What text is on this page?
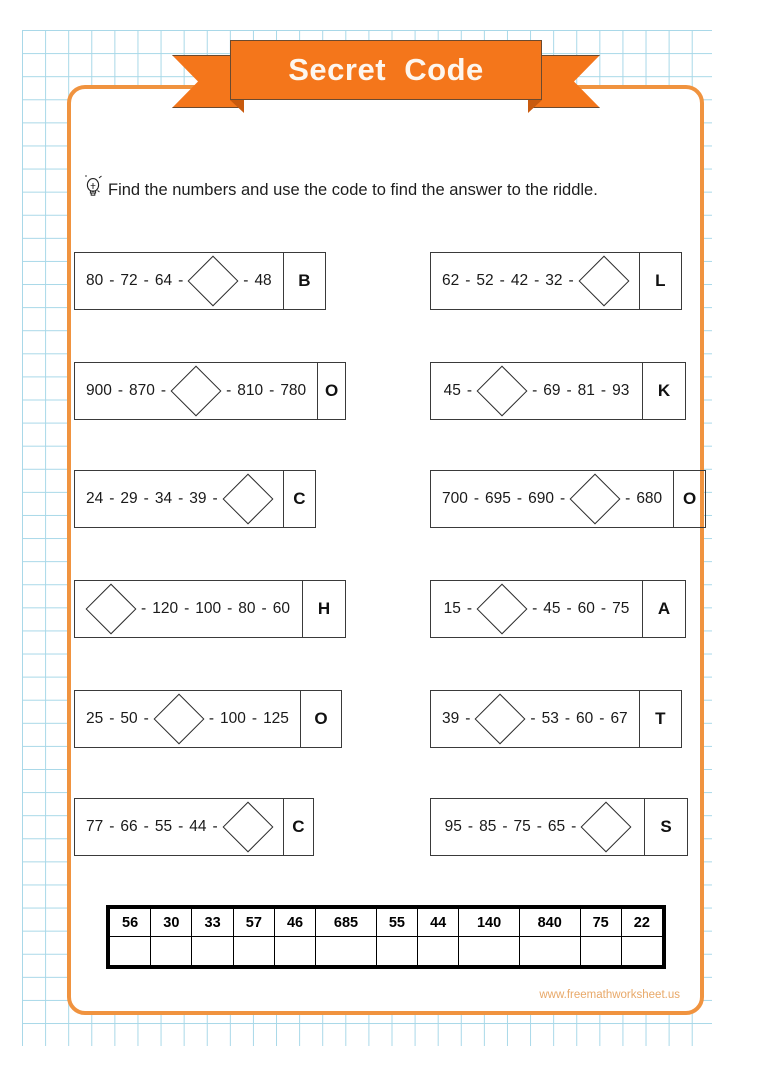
Secret  Code
Find the numbers and use the code to find the answer to the riddle.
80 - 72 - 64 -	- 48	B	62 - 52 - 42 - 32 -	L
900 - 870 -	- 810 - 780	O	45 -	- 69 - 81 - 93	K
24 - 29 - 34 - 39 -	C	700 - 695 - 690 -	- 680	O
- 120 - 100 - 80 - 60	H	15 -	- 45 - 60 - 75	A
25 - 50 -	- 100 - 125	O	39 -	- 53 - 60 - 67	T
77 - 66 - 55 - 44 -	C	95 - 85 - 75 - 65 -	S
56	30	33	57	46	685	55	44	140	840	75	22

www.freemathworksheet.us
